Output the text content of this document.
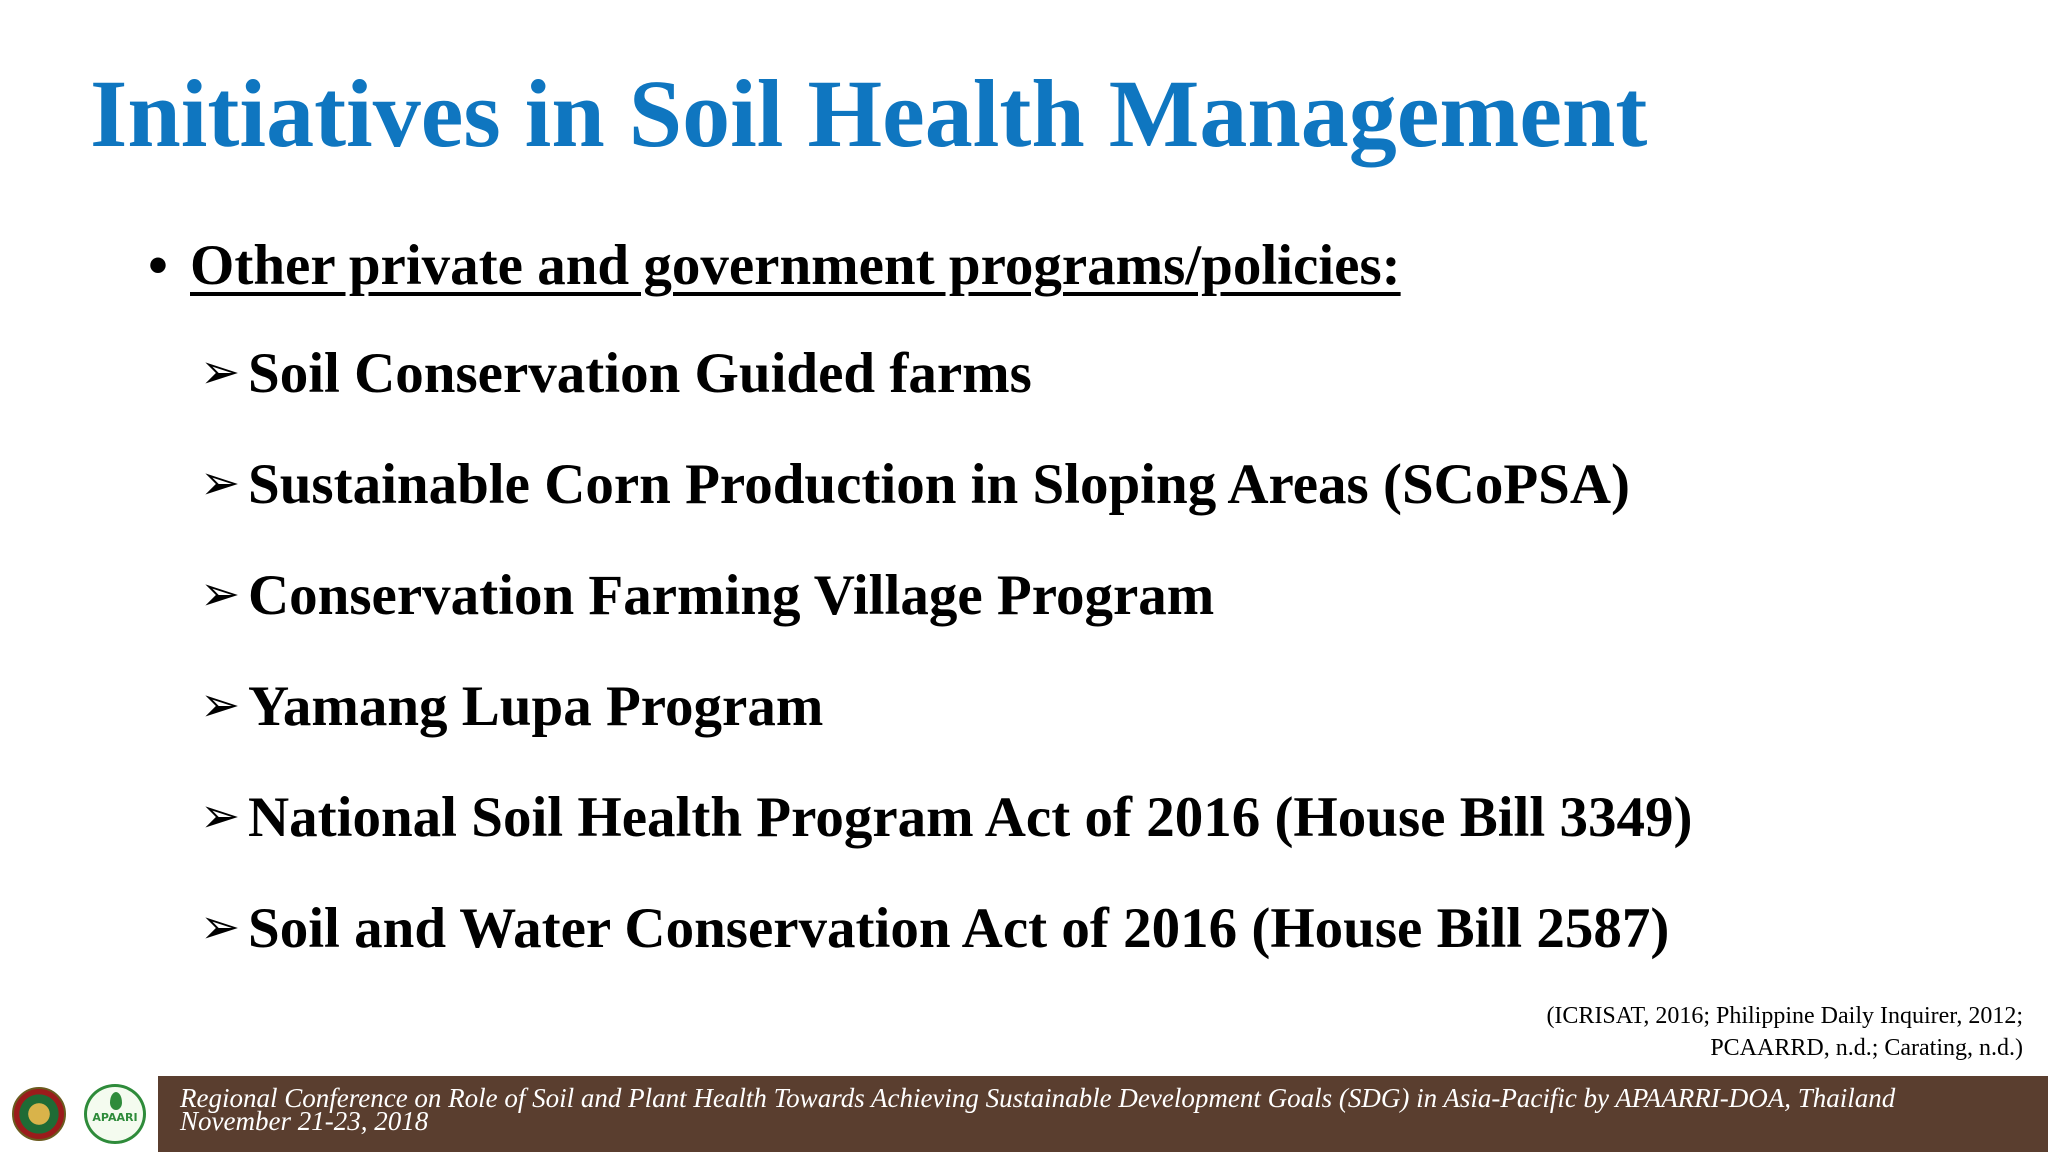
Initiatives in Soil Health Management
• Other private and government programs/policies:
➢ Soil Conservation Guided farms
➢ Sustainable Corn Production in Sloping Areas (SCoPSA)
➢ Conservation Farming Village Program
➢ Yamang Lupa Program
➢ National Soil Health Program Act of 2016 (House Bill 3349)
➢ Soil and Water Conservation Act of 2016 (House Bill 2587)
(ICRISAT, 2016; Philippine Daily Inquirer, 2012;
PCAARRD, n.d.; Carating, n.d.)
APAARI
Regional Conference on Role of Soil and Plant Health Towards Achieving Sustainable Development Goals (SDG) in Asia-Pacific by APAARRI-DOA, Thailand
November 21-23, 2018
